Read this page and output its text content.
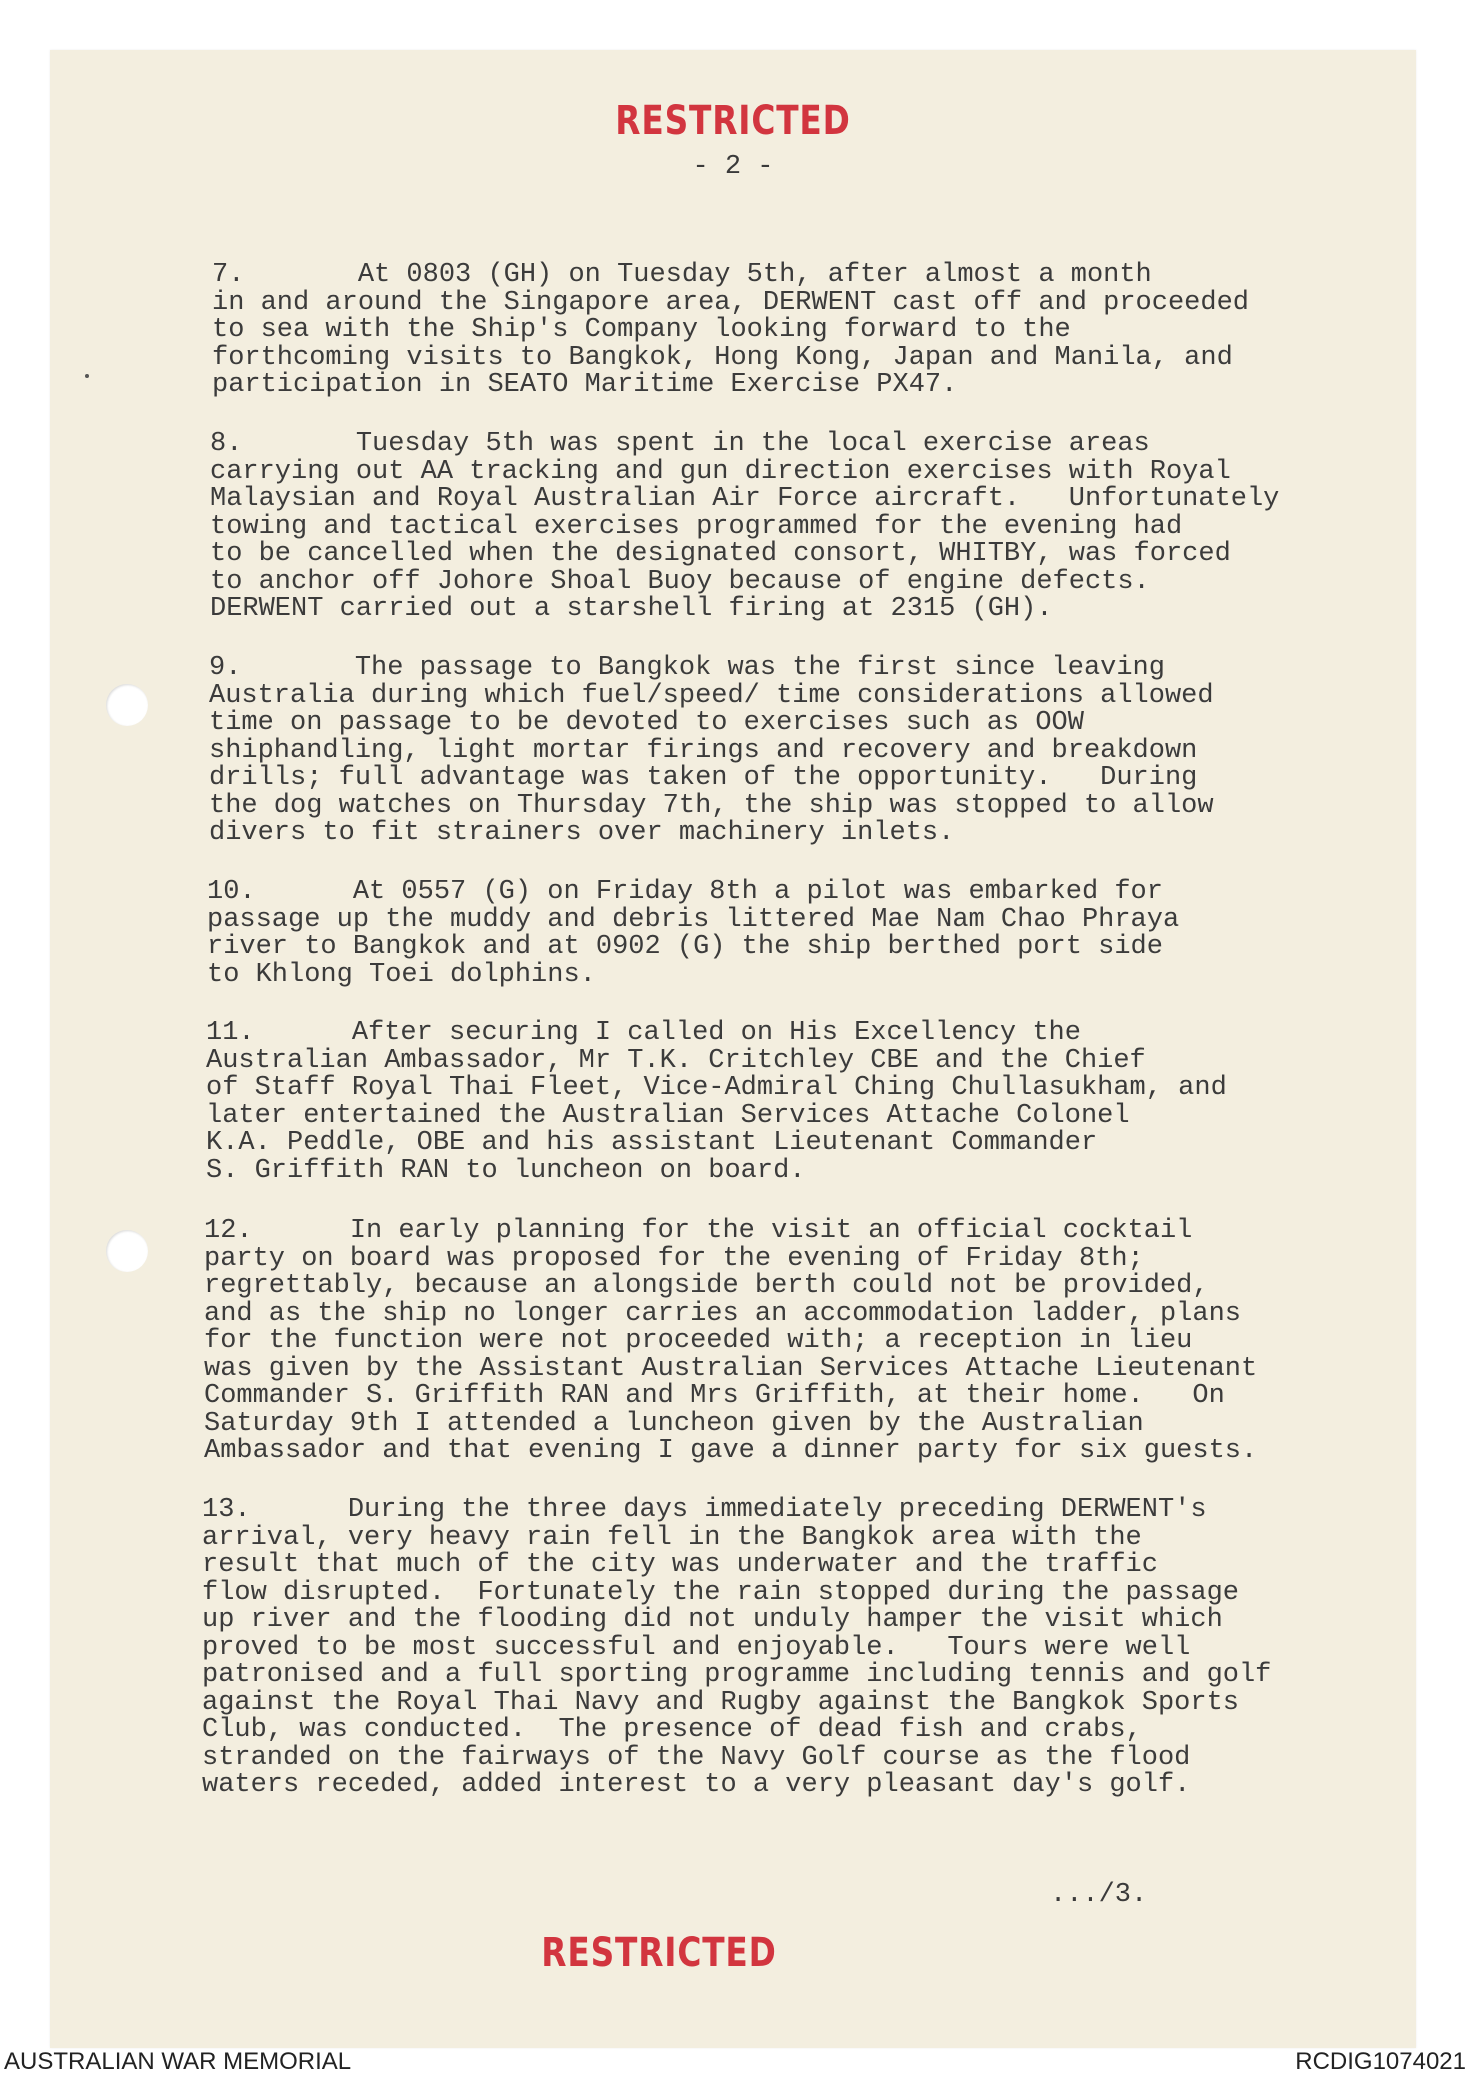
RESTRICTED
- 2 -
7.       At 0803 (GH) on Tuesday 5th, after almost a month
in and around the Singapore area, DERWENT cast off and proceeded
to sea with the Ship's Company looking forward to the
forthcoming visits to Bangkok, Hong Kong, Japan and Manila, and
participation in SEATO Maritime Exercise PX47.
8.       Tuesday 5th was spent in the local exercise areas
carrying out AA tracking and gun direction exercises with Royal
Malaysian and Royal Australian Air Force aircraft.   Unfortunately
towing and tactical exercises programmed for the evening had
to be cancelled when the designated consort, WHITBY, was forced
to anchor off Johore Shoal Buoy because of engine defects.
DERWENT carried out a starshell firing at 2315 (GH).
9.       The passage to Bangkok was the first since leaving
Australia during which fuel/speed/ time considerations allowed
time on passage to be devoted to exercises such as OOW
shiphandling, light mortar firings and recovery and breakdown
drills; full advantage was taken of the opportunity.   During
the dog watches on Thursday 7th, the ship was stopped to allow
divers to fit strainers over machinery inlets.
10.      At 0557 (G) on Friday 8th a pilot was embarked for
passage up the muddy and debris littered Mae Nam Chao Phraya
river to Bangkok and at 0902 (G) the ship berthed port side
to Khlong Toei dolphins.
11.      After securing I called on His Excellency the
Australian Ambassador, Mr T.K. Critchley CBE and the Chief
of Staff Royal Thai Fleet, Vice-Admiral Ching Chullasukham, and
later entertained the Australian Services Attache Colonel
K.A. Peddle, OBE and his assistant Lieutenant Commander
S. Griffith RAN to luncheon on board.
12.      In early planning for the visit an official cocktail
party on board was proposed for the evening of Friday 8th;
regrettably, because an alongside berth could not be provided,
and as the ship no longer carries an accommodation ladder, plans
for the function were not proceeded with; a reception in lieu
was given by the Assistant Australian Services Attache Lieutenant
Commander S. Griffith RAN and Mrs Griffith, at their home.   On
Saturday 9th I attended a luncheon given by the Australian
Ambassador and that evening I gave a dinner party for six guests.
13.      During the three days immediately preceding DERWENT's
arrival, very heavy rain fell in the Bangkok area with the
result that much of the city was underwater and the traffic
flow disrupted.  Fortunately the rain stopped during the passage
up river and the flooding did not unduly hamper the visit which
proved to be most successful and enjoyable.   Tours were well
patronised and a full sporting programme including tennis and golf
against the Royal Thai Navy and Rugby against the Bangkok Sports
Club, was conducted.  The presence of dead fish and crabs,
stranded on the fairways of the Navy Golf course as the flood
waters receded, added interest to a very pleasant day's golf.
.../3.
RESTRICTED
AUSTRALIAN WAR MEMORIAL	RCDIG1074021
